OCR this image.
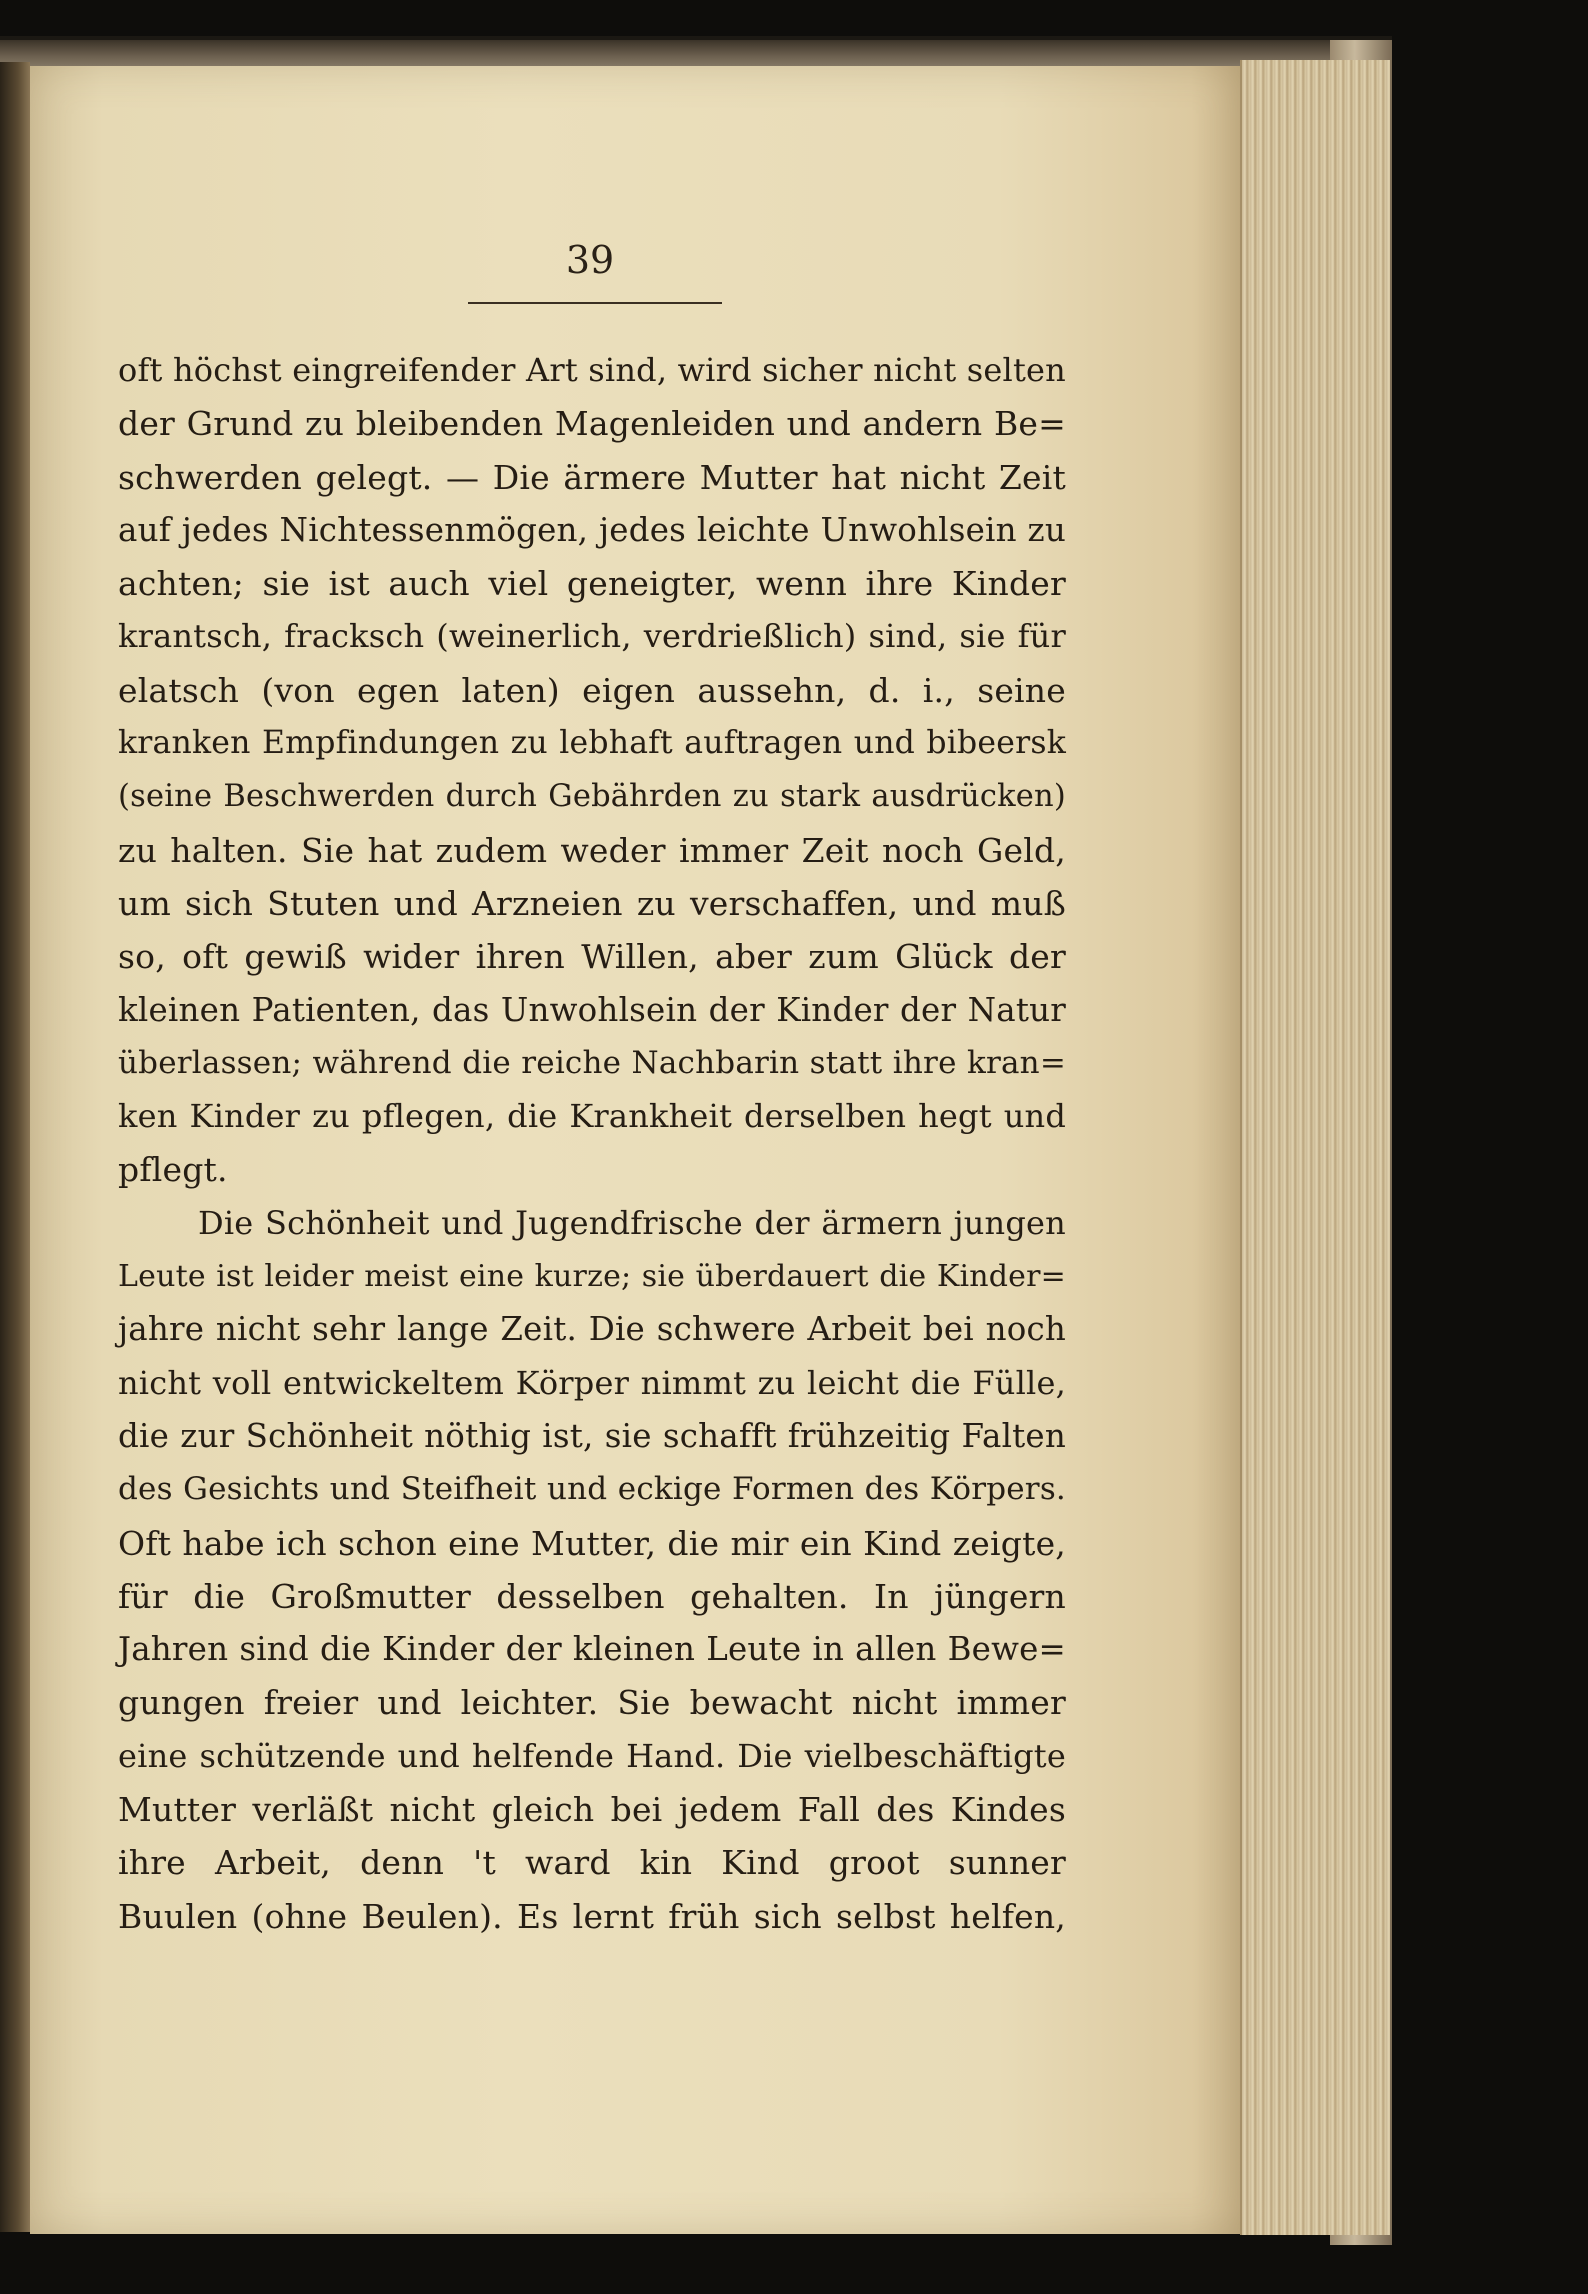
39
oft höchst eingreifender Art sind, wird sicher nicht selten
der Grund zu bleibenden Magenleiden und andern Be=
schwerden gelegt. — Die ärmere Mutter hat nicht Zeit
auf jedes Nichtessenmögen, jedes leichte Unwohlsein zu
achten; sie ist auch viel geneigter, wenn ihre Kinder
krantsch, fracksch (weinerlich, verdrießlich) sind, sie für
elatsch (von egen laten) eigen aussehn, d. i., seine
kranken Empfindungen zu lebhaft auftragen und bibeersk
(seine Beschwerden durch Gebährden zu stark ausdrücken)
zu halten. Sie hat zudem weder immer Zeit noch Geld,
um sich Stuten und Arzneien zu verschaffen, und muß
so, oft gewiß wider ihren Willen, aber zum Glück der
kleinen Patienten, das Unwohlsein der Kinder der Natur
überlassen; während die reiche Nachbarin statt ihre kran=
ken Kinder zu pflegen, die Krankheit derselben hegt und
pflegt.
Die Schönheit und Jugendfrische der ärmern jungen
Leute ist leider meist eine kurze; sie überdauert die Kinder=
jahre nicht sehr lange Zeit. Die schwere Arbeit bei noch
nicht voll entwickeltem Körper nimmt zu leicht die Fülle,
die zur Schönheit nöthig ist, sie schafft frühzeitig Falten
des Gesichts und Steifheit und eckige Formen des Körpers.
Oft habe ich schon eine Mutter, die mir ein Kind zeigte,
für die Großmutter desselben gehalten. In jüngern
Jahren sind die Kinder der kleinen Leute in allen Bewe=
gungen freier und leichter. Sie bewacht nicht immer
eine schützende und helfende Hand. Die vielbeschäftigte
Mutter verläßt nicht gleich bei jedem Fall des Kindes
ihre Arbeit, denn 't ward kin Kind groot sunner
Buulen (ohne Beulen). Es lernt früh sich selbst helfen,
